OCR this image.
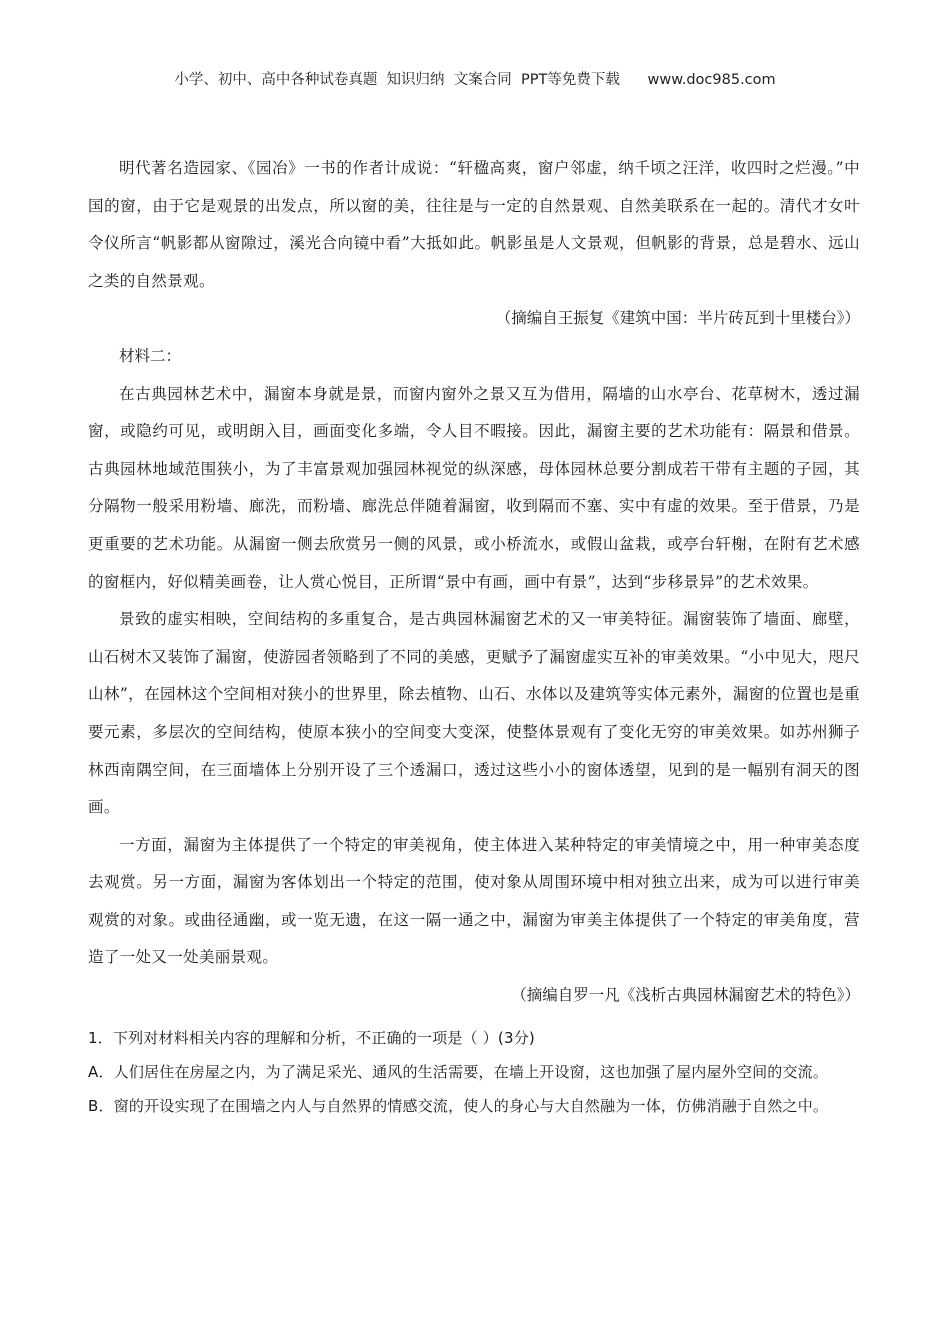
小学、初中、高中各种试卷真题  知识归纳  文案合同  PPT等免费下载      www.doc985.com

明代著名造园家、《园冶》一书的作者计成说：“轩楹高爽，窗户邻虚，纳千顷之汪洋，收四时之烂漫。”中国的窗，由于它是观景的出发点，所以窗的美，往往是与一定的自然景观、自然美联系在一起的。清代才女叶令仪所言“帆影都从窗隙过，溪光合向镜中看”大抵如此。帆影虽是人文景观，但帆影的背景，总是碧水、远山之类的自然景观。

（摘编自王振复《建筑中国：半片砖瓦到十里楼台》）

材料二：

在古典园林艺术中，漏窗本身就是景，而窗内窗外之景又互为借用，隔墙的山水亭台、花草树木，透过漏窗，或隐约可见，或明朗入目，画面变化多端，令人目不暇接。因此，漏窗主要的艺术功能有：隔景和借景。古典园林地域范围狭小，为了丰富景观加强园林视觉的纵深感，母体园林总要分割成若干带有主题的子园，其分隔物一般采用粉墙、廊洗，而粉墙、廊洗总伴随着漏窗，收到隔而不塞、实中有虚的效果。至于借景，乃是更重要的艺术功能。从漏窗一侧去欣赏另一侧的风景，或小桥流水，或假山盆栽，或亭台轩榭，在附有艺术感的窗框内，好似精美画卷，让人赏心悦目，正所谓“景中有画，画中有景”，达到“步移景异”的艺术效果。

景致的虚实相映，空间结构的多重复合，是古典园林漏窗艺术的又一审美特征。漏窗装饰了墙面、廊壁，山石树木又装饰了漏窗，使游园者领略到了不同的美感，更赋予了漏窗虚实互补的审美效果。“小中见大，咫尺山林”，在园林这个空间相对狭小的世界里，除去植物、山石、水体以及建筑等实体元素外，漏窗的位置也是重要元素，多层次的空间结构，使原本狭小的空间变大变深，使整体景观有了变化无穷的审美效果。如苏州狮子林西南隅空间，在三面墙体上分别开设了三个透漏口，透过这些小小的窗体透望，见到的是一幅别有洞天的图画。

一方面，漏窗为主体提供了一个特定的审美视角，使主体进入某种特定的审美情境之中，用一种审美态度去观赏。另一方面，漏窗为客体划出一个特定的范围，使对象从周围环境中相对独立出来，成为可以进行审美观赏的对象。或曲径通幽，或一览无遗，在这一隔一通之中，漏窗为审美主体提供了一个特定的审美角度，营造了一处又一处美丽景观。

（摘编自罗一凡《浅析古典园林漏窗艺术的特色》）

1．下列对材料相关内容的理解和分析，不正确的一项是（ ）(3分)

A．人们居住在房屋之内，为了满足采光、通风的生活需要，在墙上开设窗，这也加强了屋内屋外空间的交流。

B．窗的开设实现了在围墙之内人与自然界的情感交流，使人的身心与大自然融为一体，仿佛消融于自然之中。
